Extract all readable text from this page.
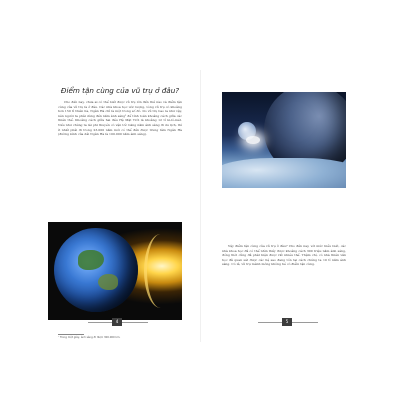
Điểm tận cùng của vũ trụ ở đâu?

Cho đến nay, chưa ai có thể biết được vũ trụ lớn đến thế nào và điểm tận cùng của vũ trụ là ở đâu. Các nhà khoa học ước lượng, vòng vũ trụ có khoảng hơn 150 tỉ thiên hà, Ngân Hà chỉ là một trong số đó. Do vũ trụ bao la như vậy, nên người ta phải dùng đến năm ánh sáng¹ để tính toán khoảng cách giữa các thiên thể. Khoảng cách giữa hai đầu Hệ Mặt Trời là khoảng 12 tỉ ki-lô-mét. Nếu như chúng ta lái phi thuyền có vận tốc bằng năm ánh sáng đi du lịch, thì ít nhất phải đi trong 23.000 năm mới có thể đến được trung tâm Ngân Hà (đường kính của dải Ngân Hà là 100.000 năm ánh sáng).

¹ Trong một giây, ánh sáng đi được 300.000 km.

Vậy điểm tận cùng của vũ trụ ở đâu? Cho đến nay, với mức hiểu biết, các nhà khoa học đã có thể nhìn thấy được khoảng cách 300 triệu năm ánh sáng, đồng thời cũng đã phát hiện được rất nhiều thể. Thậm chí, có nhà thiên văn học đã quan sát được các hệ sao đang tồn tại cách chúng ta 10 tỉ năm ánh sáng. Có lẽ, vũ trụ mênh mông không hề có điểm tận cùng.

4	5
